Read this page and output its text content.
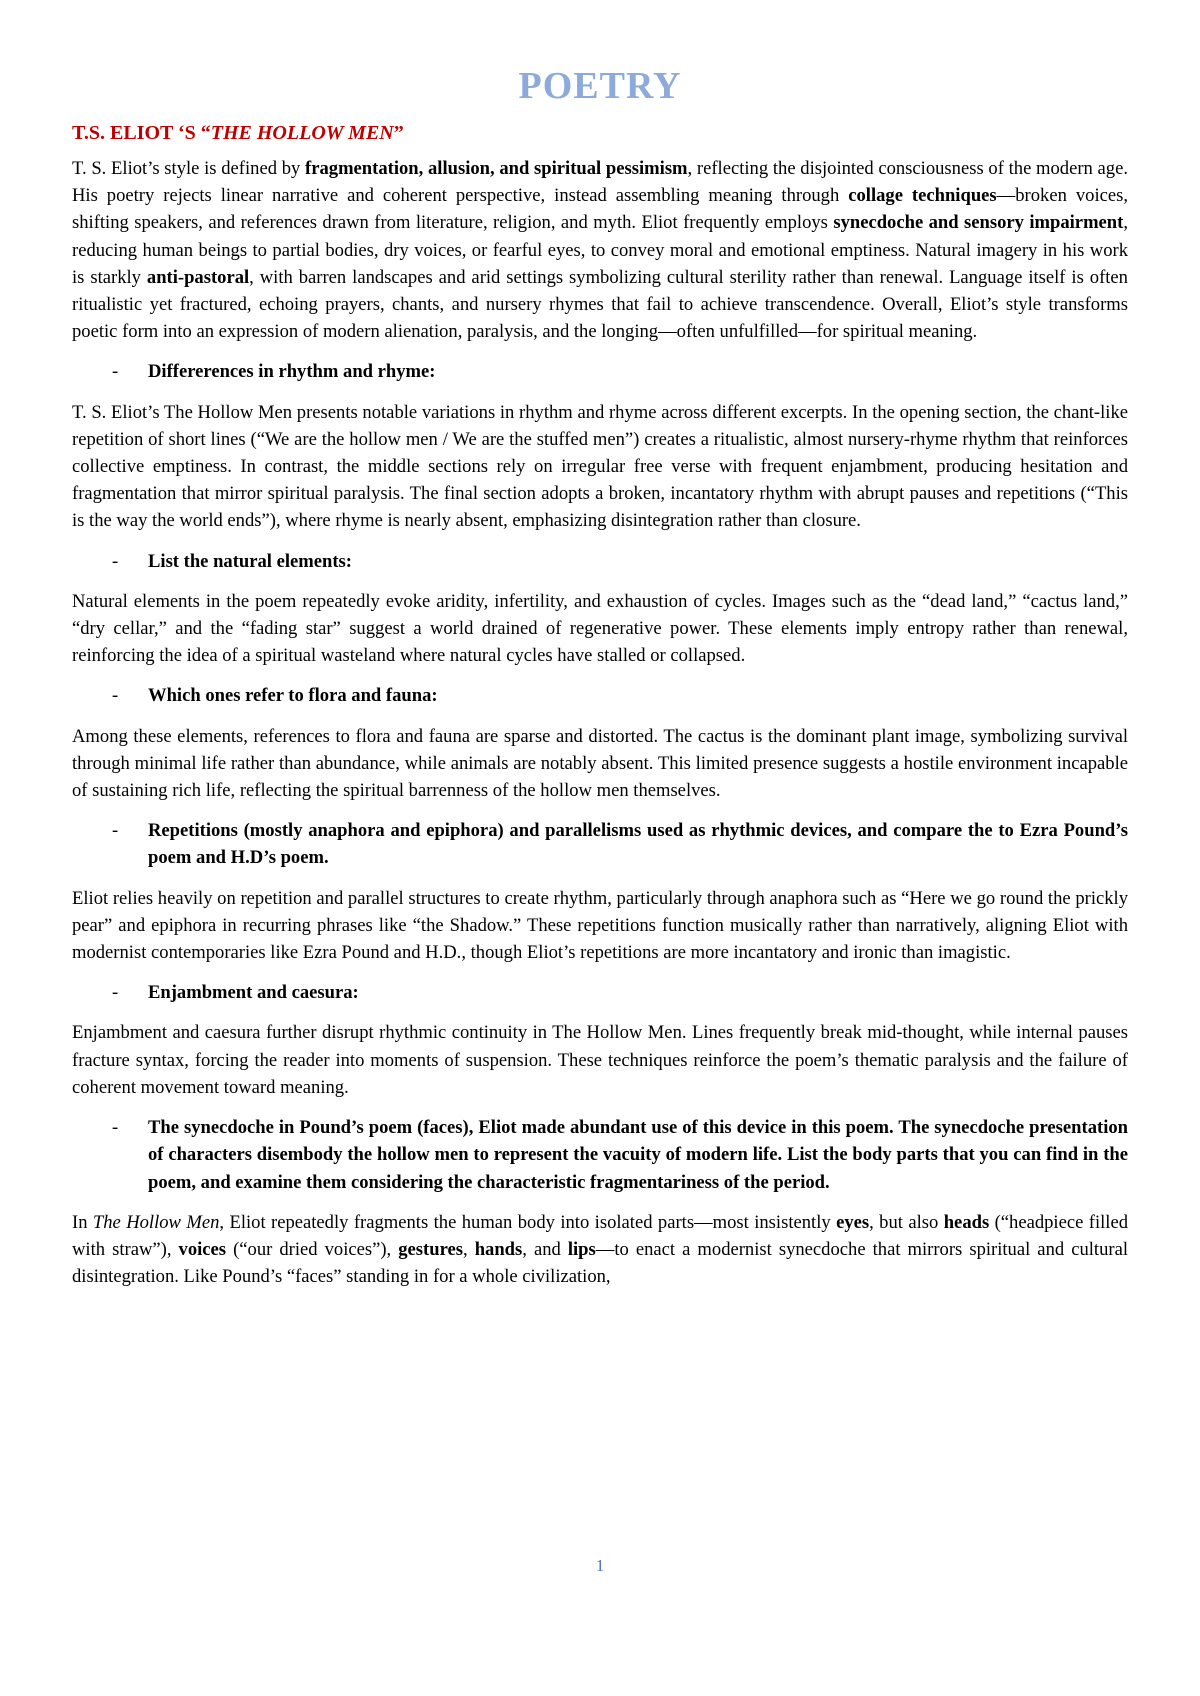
POETRY
T.S. ELIOT ‘S “THE HOLLOW MEN”

T. S. Eliot’s style is defined by fragmentation, allusion, and spiritual pessimism, reflecting the disjointed consciousness of the modern age. His poetry rejects linear narrative and coherent perspective, instead assembling meaning through collage techniques—broken voices, shifting speakers, and references drawn from literature, religion, and myth. Eliot frequently employs synecdoche and sensory impairment, reducing human beings to partial bodies, dry voices, or fearful eyes, to convey moral and emotional emptiness. Natural imagery in his work is starkly anti-pastoral, with barren landscapes and arid settings symbolizing cultural sterility rather than renewal. Language itself is often ritualistic yet fractured, echoing prayers, chants, and nursery rhymes that fail to achieve transcendence. Overall, Eliot’s style transforms poetic form into an expression of modern alienation, paralysis, and the longing—often unfulfilled—for spiritual meaning.

-	Differerences in rhythm and rhyme:

T. S. Eliot’s The Hollow Men presents notable variations in rhythm and rhyme across different excerpts. In the opening section, the chant-like repetition of short lines (“We are the hollow men / We are the stuffed men”) creates a ritualistic, almost nursery-rhyme rhythm that reinforces collective emptiness. In contrast, the middle sections rely on irregular free verse with frequent enjambment, producing hesitation and fragmentation that mirror spiritual paralysis. The final section adopts a broken, incantatory rhythm with abrupt pauses and repetitions (“This is the way the world ends”), where rhyme is nearly absent, emphasizing disintegration rather than closure.

-	List the natural elements:

Natural elements in the poem repeatedly evoke aridity, infertility, and exhaustion of cycles. Images such as the “dead land,” “cactus land,” “dry cellar,” and the “fading star” suggest a world drained of regenerative power. These elements imply entropy rather than renewal, reinforcing the idea of a spiritual wasteland where natural cycles have stalled or collapsed.

-	Which ones refer to flora and fauna:

Among these elements, references to flora and fauna are sparse and distorted. The cactus is the dominant plant image, symbolizing survival through minimal life rather than abundance, while animals are notably absent. This limited presence suggests a hostile environment incapable of sustaining rich life, reflecting the spiritual barrenness of the hollow men themselves.

-	Repetitions (mostly anaphora and epiphora) and parallelisms used as rhythmic devices, and compare the to Ezra Pound’s poem and H.D’s poem.

Eliot relies heavily on repetition and parallel structures to create rhythm, particularly through anaphora such as “Here we go round the prickly pear” and epiphora in recurring phrases like “the Shadow.” These repetitions function musically rather than narratively, aligning Eliot with modernist contemporaries like Ezra Pound and H.D., though Eliot’s repetitions are more incantatory and ironic than imagistic.

-	Enjambment and caesura:

Enjambment and caesura further disrupt rhythmic continuity in The Hollow Men. Lines frequently break mid-thought, while internal pauses fracture syntax, forcing the reader into moments of suspension. These techniques reinforce the poem’s thematic paralysis and the failure of coherent movement toward meaning.

-	The synecdoche in Pound’s poem (faces), Eliot made abundant use of this device in this poem. The synecdoche presentation of characters disembody the hollow men to represent the vacuity of modern life. List the body parts that you can find in the poem, and examine them considering the characteristic fragmentariness of the period.

In The Hollow Men, Eliot repeatedly fragments the human body into isolated parts—most insistently eyes, but also heads (“headpiece filled with straw”), voices (“our dried voices”), gestures, hands, and lips—to enact a modernist synecdoche that mirrors spiritual and cultural disintegration. Like Pound’s “faces” standing in for a whole civilization,

1
